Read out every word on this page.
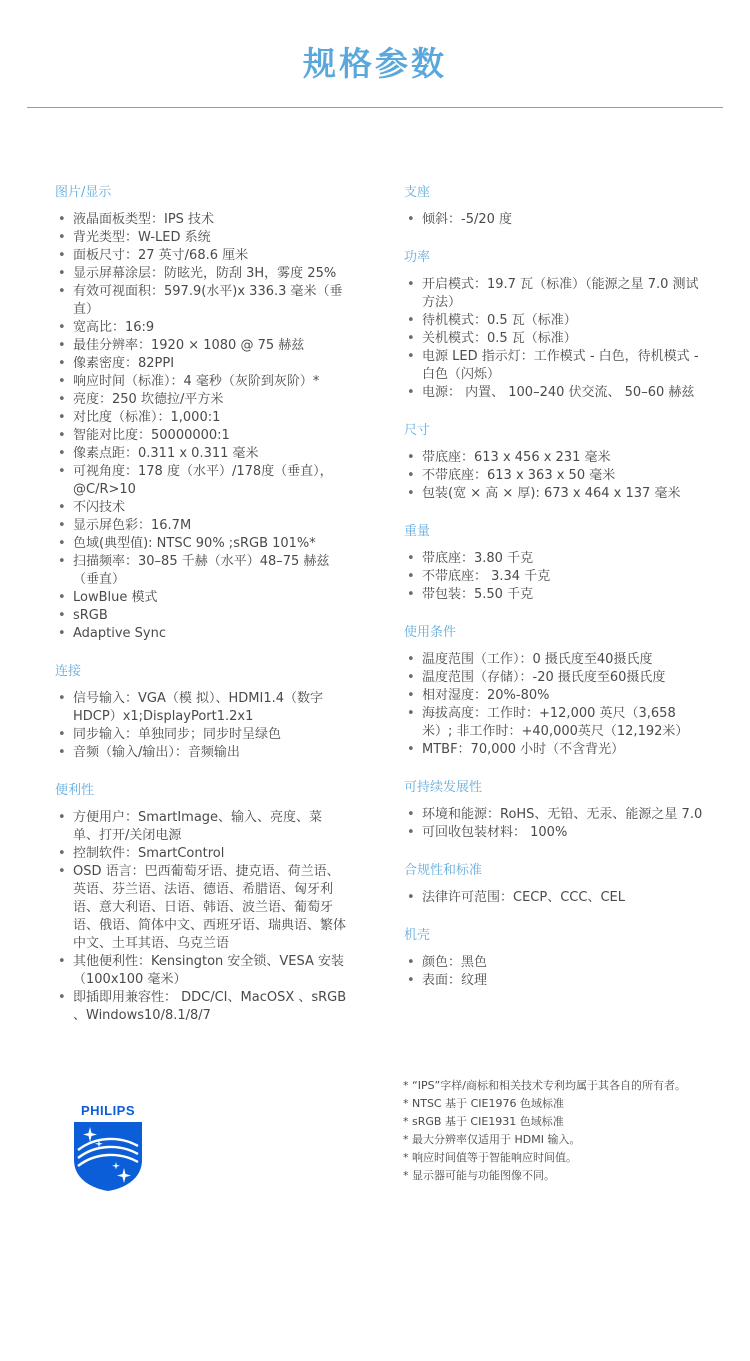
规格参数
图片/显示
• 液晶面板类型：IPS 技术
• 背光类型：W-LED 系统
• 面板尺寸：27 英寸/68.6 厘米
• 显示屏幕涂层：防眩光，防刮 3H，雾度 25%
• 有效可视面积：597.9(水平)x 336.3 毫米（垂直）
• 宽高比：16:9
• 最佳分辨率：1920 × 1080 @ 75 赫兹
• 像素密度：82PPI
• 响应时间（标准）：4 毫秒（灰阶到灰阶）*
• 亮度：250 坎德拉/平方米
• 对比度（标准）：1,000:1
• 智能对比度：50000000:1
• 像素点距：0.311 x 0.311 毫米
• 可视角度：178 度（水平）/178度（垂直），@C/R>10
• 不闪技术
• 显示屏色彩：16.7M
• 色域(典型值): NTSC 90% ;sRGB 101%*
• 扫描频率：30–85 千赫（水平）48–75 赫兹（垂直）
• LowBlue 模式
• sRGB
• Adaptive Sync
连接
• 信号输入：VGA（模 拟）、HDMI1.4（数字 HDCP）x1;DisplayPort1.2x1
• 同步输入：单独同步；同步时呈绿色
• 音频（输入/输出）：音频输出
便利性
• 方便用户：SmartImage、输入、亮度、菜单、打开/关闭电源
• 控制软件：SmartControl
• OSD 语言：巴西葡萄牙语、捷克语、荷兰语、英语、芬兰语、法语、德语、希腊语、匈牙利语、意大利语、日语、韩语、波兰语、葡萄牙语、俄语、简体中文、西班牙语、瑞典语、繁体中文、土耳其语、乌克兰语
• 其他便利性：Kensington 安全锁、VESA 安装（100x100 毫米）
• 即插即用兼容性： DDC/CI、MacOSX 、sRGB 、Windows10/8.1/8/7
支座
• 倾斜：-5/20 度
功率
• 开启模式：19.7 瓦（标准）（能源之星 7.0 测试方法）
• 待机模式：0.5 瓦（标准）
• 关机模式：0.5 瓦（标准）
• 电源 LED 指示灯：工作模式 - 白色，待机模式 - 白色（闪烁）
• 电源： 内置、 100–240 伏交流、 50–60 赫兹
尺寸
• 带底座：613 x 456 x 231 毫米
• 不带底座：613 x 363 x 50 毫米
• 包装(宽 × 高 × 厚): 673 x 464 x 137 毫米
重量
• 带底座：3.80 千克
• 不带底座： 3.34 千克
• 带包装：5.50 千克
使用条件
• 温度范围（工作）：0 摄氏度至40摄氏度
• 温度范围（存储）：-20 摄氏度至60摄氏度
• 相对湿度：20%-80%
• 海拔高度：工作时：+12,000 英尺（3,658 米）; 非工作时：+40,000英尺（12,192米）
• MTBF：70,000 小时（不含背光）
可持续发展性
• 环境和能源：RoHS、无铅、无汞、能源之星 7.0
• 可回收包装材料： 100%
合规性和标准
• 法律许可范围：CECP、CCC、CEL
机壳
• 颜色：黑色
• 表面：纹理
PHILIPS
* “IPS”字样/商标和相关技术专利均属于其各自的所有者。
* NTSC 基于 CIE1976 色域标准
* sRGB 基于 CIE1931 色域标准
* 最大分辨率仅适用于 HDMI 输入。
* 响应时间值等于智能响应时间值。
* 显示器可能与功能图像不同。
